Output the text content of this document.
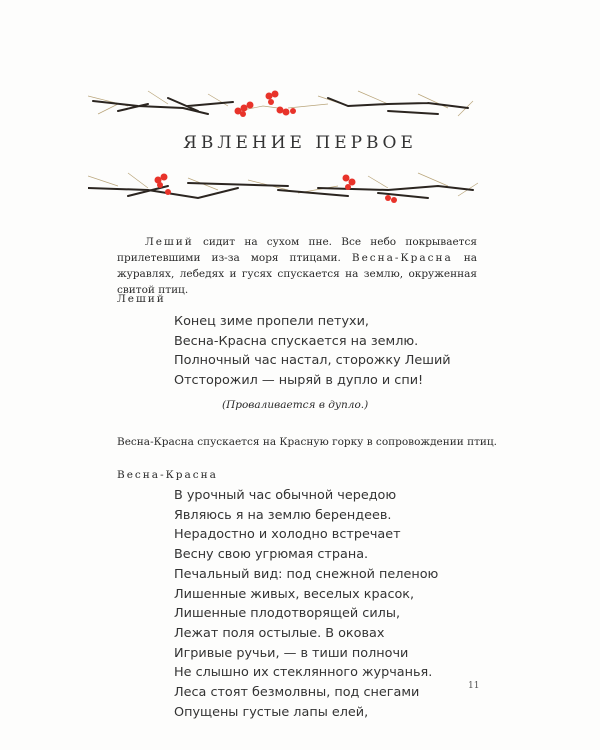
ЯВЛЕНИЕ ПЕРВОЕ
Леший сидит на сухом пне. Все небо покрывается прилетевшими из-за моря птицами. Весна-Красна на журавлях, лебедях и гусях спускается на землю, окруженная свитой птиц.
Леший
Конец зиме пропели петухи,
Весна-Красна спускается на землю.
Полночный час настал, сторожку Леший
Отсторожил — ныряй в дупло и спи!
(Проваливается в дупло.)
Весна-Красна спускается на Красную горку в сопровождении птиц.
Весна-Красна
В урочный час обычной чередою
Являюсь я на землю берендеев.
Нерадостно и холодно встречает
Весну свою угрюмая страна.
Печальный вид: под снежной пеленою
Лишенные живых, веселых красок,
Лишенные плодотворящей силы,
Лежат поля остылые. В оковах
Игривые ручьи, — в тиши полночи
Не слышно их стеклянного журчанья.
Леса стоят безмолвны, под снегами
Опущены густые лапы елей,
11
